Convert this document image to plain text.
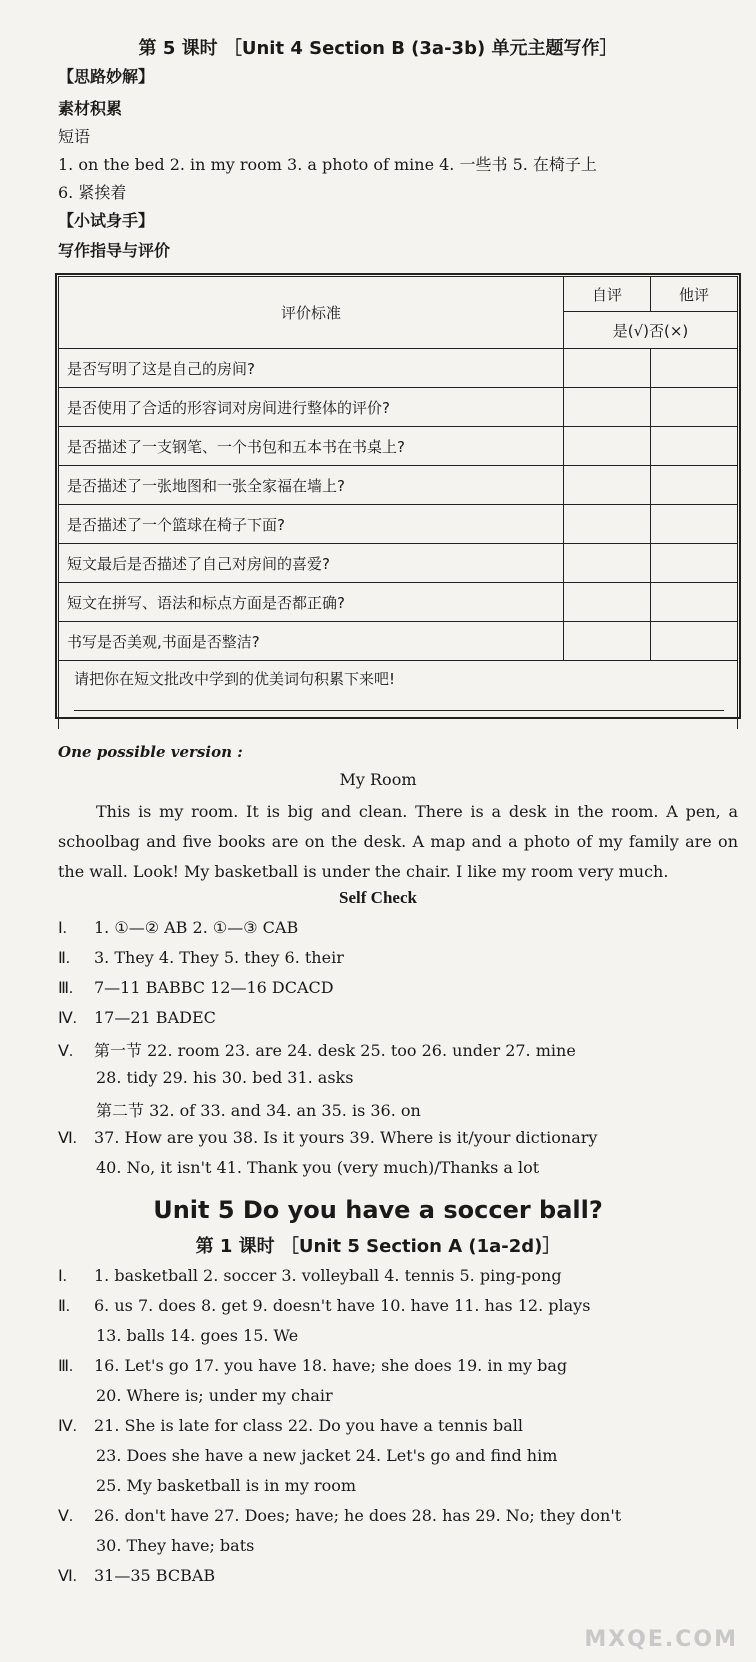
第 5 课时 ［Unit 4 Section B (3a-3b) 单元主题写作］
【思路妙解】
素材积累
短语
1. on the bed 2. in my room 3. a photo of mine 4. 一些书 5. 在椅子上
6. 紧挨着
【小试身手】
写作指导与评价
评价标准	自评	他评
	是(√)否(×)	
是否写明了这是自己的房间?		
是否使用了合适的形容词对房间进行整体的评价?		
是否描述了一支钢笔、一个书包和五本书在书桌上?		
是否描述了一张地图和一张全家福在墙上?		
是否描述了一个篮球在椅子下面?		
短文最后是否描述了自己对房间的喜爱?		
短文在拼写、语法和标点方面是否都正确?		
书写是否美观,书面是否整洁?		

请把你在短文批改中学到的优美词句积累下来吧!
One possible version :
My Room
This is my room. It is big and clean. There is a desk in the room. A pen, a schoolbag and five books are on the desk. A map and a photo of my family are on the wall. Look! My basketball is under the chair. I like my room very much.
Self Check
Ⅰ. 1. ①—② AB 2. ①—③ CAB
Ⅱ. 3. They 4. They 5. they 6. their
Ⅲ. 7—11 BABBC 12—16 DCACD
Ⅳ. 17—21 BADEC
Ⅴ. 第一节 22. room 23. are 24. desk 25. too 26. under 27. mine
28. tidy 29. his 30. bed 31. asks
第二节 32. of 33. and 34. an 35. is 36. on
Ⅵ. 37. How are you 38. Is it yours 39. Where is it/your dictionary
40. No, it isn't 41. Thank you (very much)/Thanks a lot
Unit 5 Do you have a soccer ball?
第 1 课时 ［Unit 5 Section A (1a-2d)］
Ⅰ. 1. basketball 2. soccer 3. volleyball 4. tennis 5. ping-pong
Ⅱ. 6. us 7. does 8. get 9. doesn't have 10. have 11. has 12. plays
13. balls 14. goes 15. We
Ⅲ. 16. Let's go 17. you have 18. have; she does 19. in my bag
20. Where is; under my chair
Ⅳ. 21. She is late for class 22. Do you have a tennis ball
23. Does she have a new jacket 24. Let's go and find him
25. My basketball is in my room
Ⅴ. 26. don't have 27. Does; have; he does 28. has 29. No; they don't
30. They have; bats
Ⅵ. 31—35 BCBAB
MXQE.COM
